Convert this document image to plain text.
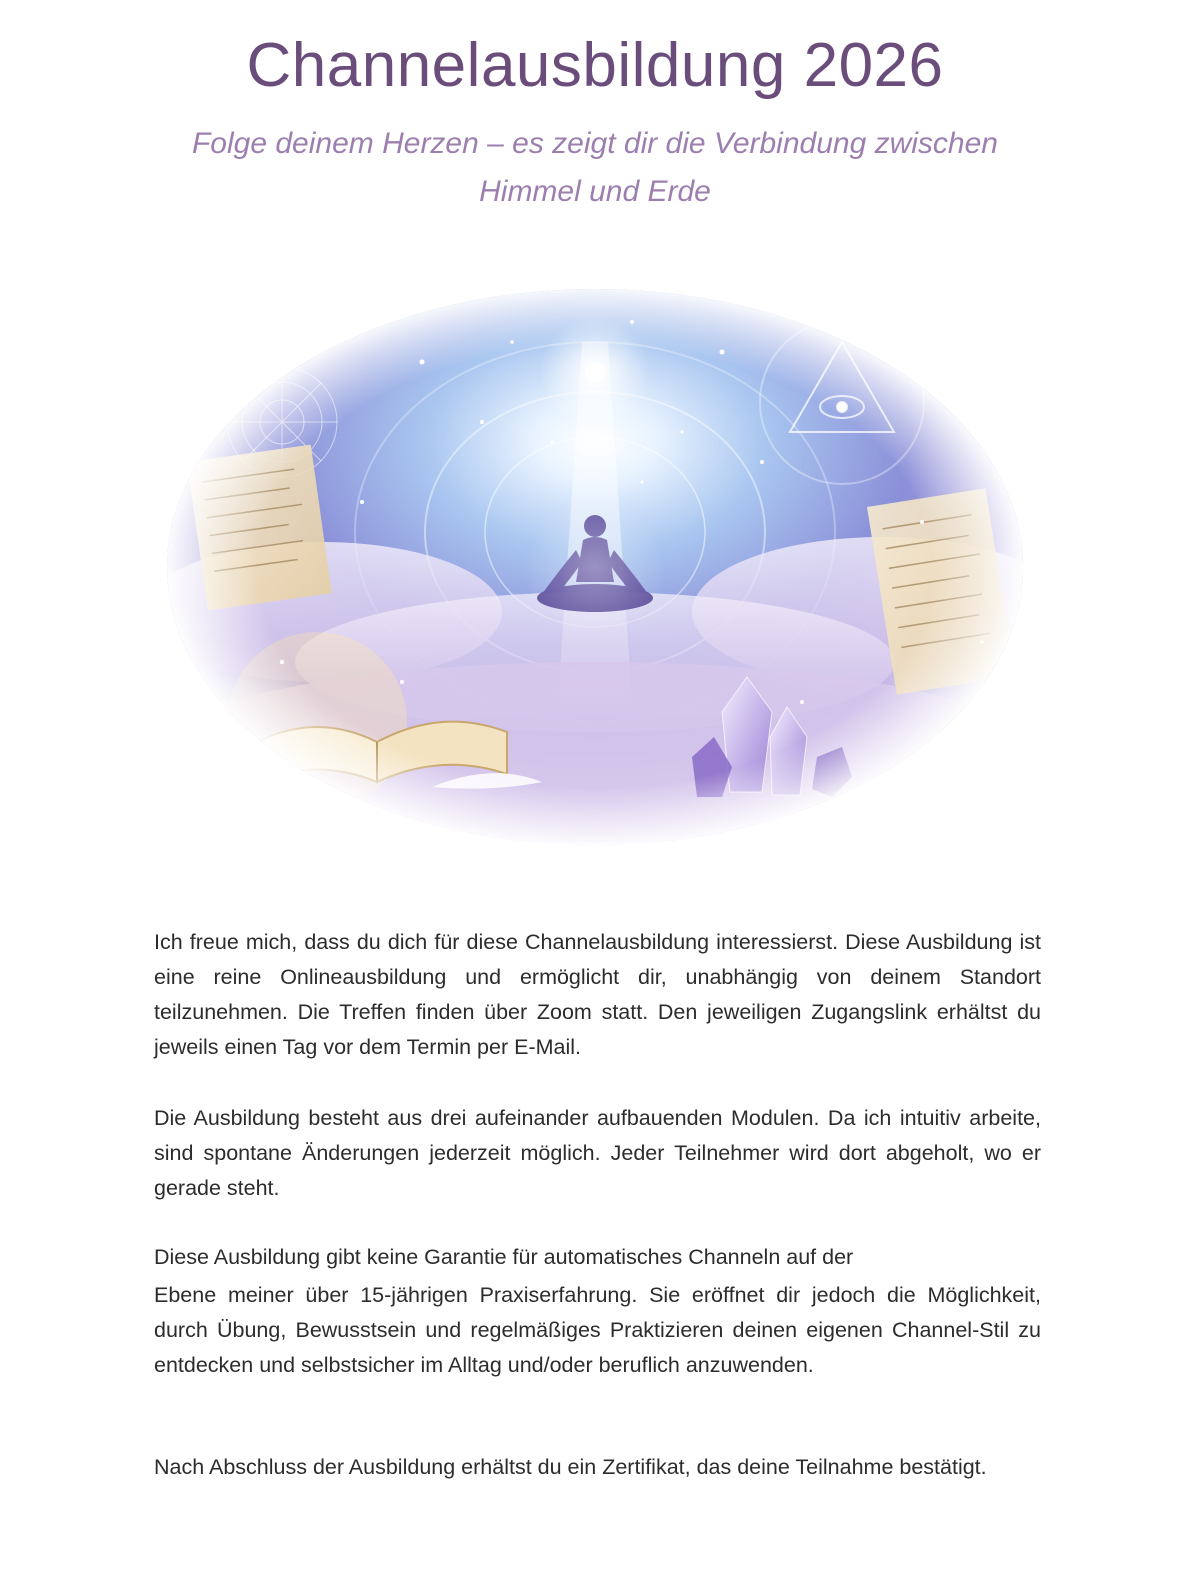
Channelausbildung 2026
Folge deinem Herzen – es zeigt dir die Verbindung zwischen Himmel und Erde

Ich freue mich, dass du dich für diese Channelausbildung interessierst. Diese Ausbildung ist eine reine Onlineausbildung und ermöglicht dir, unabhängig von deinem Standort teilzunehmen. Die Treffen finden über Zoom statt. Den jeweiligen Zugangslink erhältst du jeweils einen Tag vor dem Termin per E-Mail.

Die Ausbildung besteht aus drei aufeinander aufbauenden Modulen. Da ich intuitiv arbeite, sind spontane Änderungen jederzeit möglich. Jeder Teilnehmer wird dort abgeholt, wo er gerade steht.

Diese Ausbildung gibt keine Garantie für automatisches Channeln auf der

Ebene meiner über 15-jährigen Praxiserfahrung. Sie eröffnet dir jedoch die Möglichkeit, durch Übung, Bewusstsein und regelmäßiges Praktizieren deinen eigenen Channel-Stil zu entdecken und selbstsicher im Alltag und/oder beruflich anzuwenden.

Nach Abschluss der Ausbildung erhältst du ein Zertifikat, das deine Teilnahme bestätigt.
